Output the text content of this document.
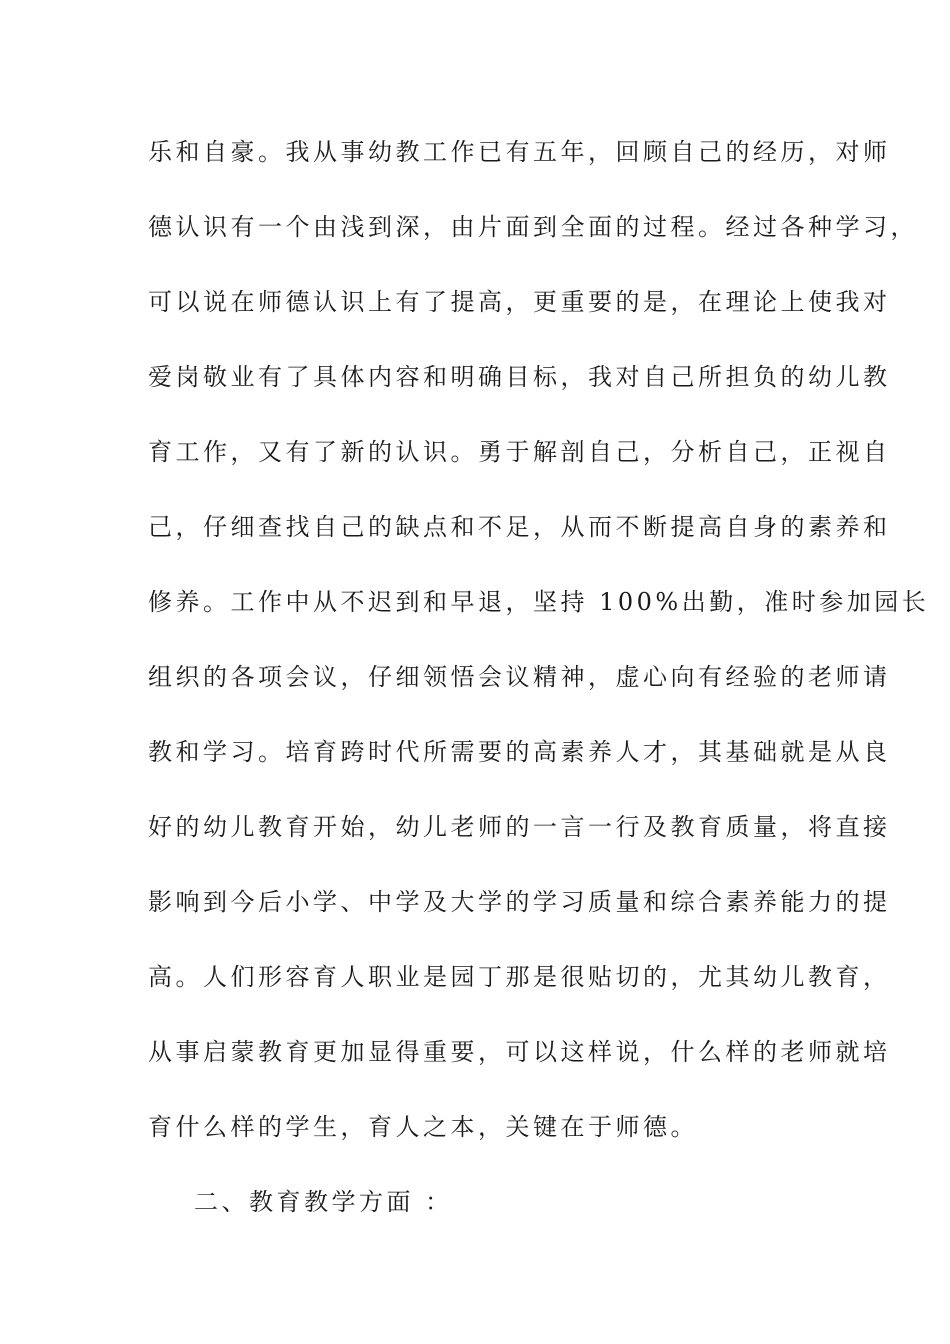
乐和自豪。我从事幼教工作已有五年，回顾自己的经历，对师
德认识有一个由浅到深，由片面到全面的过程。经过各种学习，
可以说在师德认识上有了提高，更重要的是，在理论上使我对
爱岗敬业有了具体内容和明确目标，我对自己所担负的幼儿教
育工作，又有了新的认识。勇于解剖自己，分析自己，正视自
己，仔细查找自己的缺点和不足，从而不断提高自身的素养和
修养。工作中从不迟到和早退，坚持 100%出勤，准时参加园长
组织的各项会议，仔细领悟会议精神，虚心向有经验的老师请
教和学习。培育跨时代所需要的高素养人才，其基础就是从良
好的幼儿教育开始，幼儿老师的一言一行及教育质量，将直接
影响到今后小学、中学及大学的学习质量和综合素养能力的提
高。人们形容育人职业是园丁那是很贴切的，尤其幼儿教育，
从事启蒙教育更加显得重要，可以这样说，什么样的老师就培
育什么样的学生，育人之本，关键在于师德。
二、教育教学方面 ：
